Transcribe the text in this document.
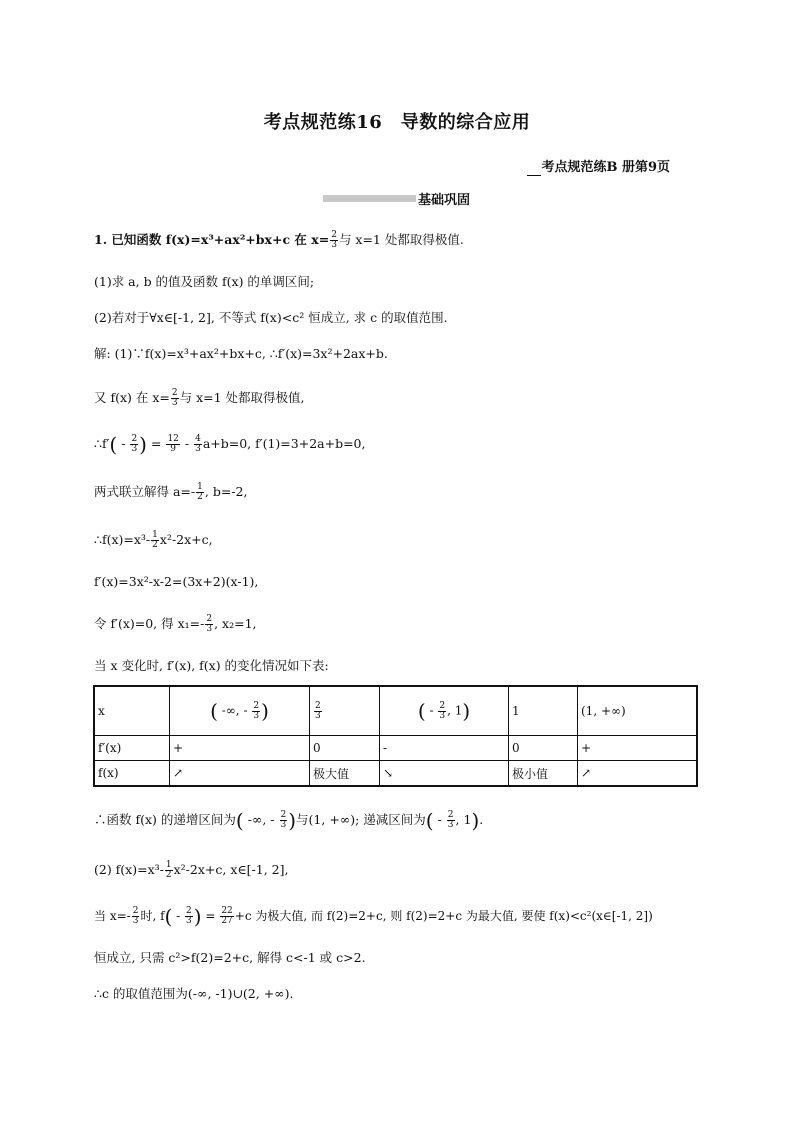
考点规范练16　导数的综合应用
考点规范练B 册第9页
基础巩固
1. 已知函数 f(x)=x³+ax²+bx+c 在 $x= \frac{2}{3}$ 与 x=1 处都取得极值.
(1)求 a, b 的值及函数 f(x) 的单调区间;
(2)若对于∀x∈[-1, 2], 不等式 f(x)<c² 恒成立, 求 c 的取值范围.
解: (1)∵f(x)=x³+ax²+bx+c, ∴f′(x)=3x²+2ax+b.
又 f(x) 在 $x= \frac{2}{3}$ 与 x=1 处都取得极值,
∴f′( - $\frac{2}{3}$ ) = $\frac{12}{9} - \frac{4}{3} a+b=0$, f′(1)=3+2a+b=0,
两式联立解得 $a=- \frac{1}{2}$ , b=-2,
∴f(x)=x³- $\frac{1}{2} x^2-2x+c$,
f′(x)=3x²-x-2=(3x+2)(x-1),
令 f′(x)=0, 得 $x_1=- \frac{2}{3}$ , x₂=1,
当 x 变化时, f′(x), f(x) 的变化情况如下表:
x	( -∞, - $\frac{2}{3}$ )	$\frac{2}{3}$	( - $\frac{2}{3}$ , 1)	1	(1, +∞)
f′(x)	+	0	-	0	+
f(x)	↗	极大值	↘	极小值	↗
∴函数 f(x) 的递增区间为( -∞, - $\frac{2}{3}$ )与(1, +∞); 递减区间为( - $\frac{2}{3}$ , 1).
(2) $f(x)=x^3- \frac{1}{2} x^2-2x+c$, x∈[-1, 2],
当 $x=- \frac{2}{3}$ 时, $f( - \frac{2}{3}$ ) = $\frac{22}{27} +c$ 为极大值, 而 f(2)=2+c, 则 f(2)=2+c 为最大值, 要使 f(x)<c²(x∈[-1, 2])
恒成立, 只需 c²>f(2)=2+c, 解得 c<-1 或 c>2.
∴c 的取值范围为(-∞, -1)∪(2, +∞).
